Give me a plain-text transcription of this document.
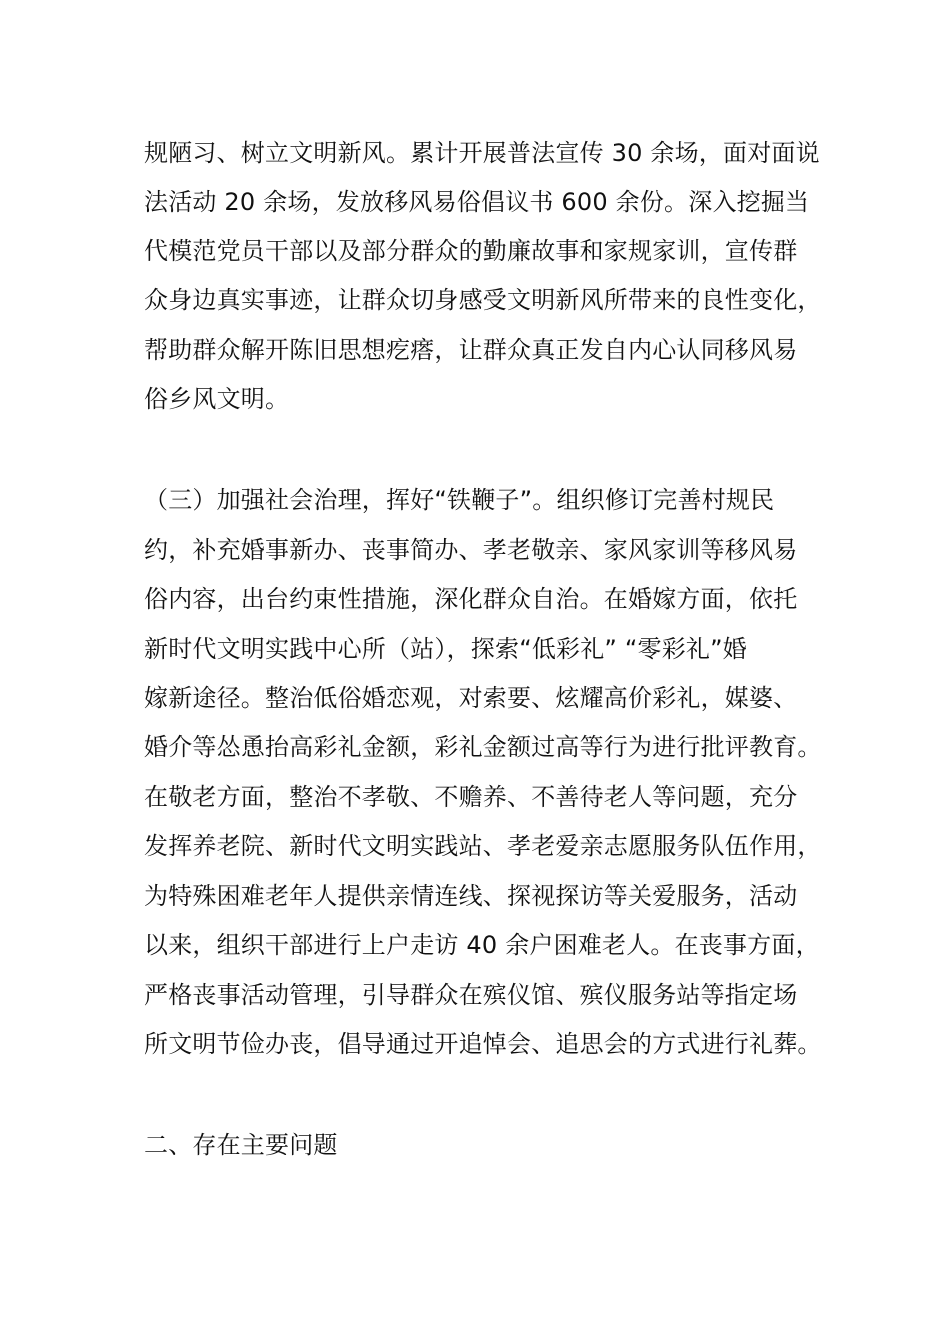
规陋习、树立文明新风。累计开展普法宣传 30 余场，面对面说
法活动 20 余场，发放移风易俗倡议书 600 余份。深入挖掘当
代模范党员干部以及部分群众的勤廉故事和家规家训，宣传群
众身边真实事迹，让群众切身感受文明新风所带来的良性变化，
帮助群众解开陈旧思想疙瘩，让群众真正发自内心认同移风易
俗乡风文明。
（三）加强社会治理，挥好“铁鞭子”。组织修订完善村规民
约，补充婚事新办、丧事简办、孝老敬亲、家风家训等移风易
俗内容，出台约束性措施，深化群众自治。在婚嫁方面，依托
新时代文明实践中心所（站），探索“低彩礼” “零彩礼”婚
嫁新途径。整治低俗婚恋观，对索要、炫耀高价彩礼，媒婆、
婚介等怂恿抬高彩礼金额，彩礼金额过高等行为进行批评教育。
在敬老方面，整治不孝敬、不赡养、不善待老人等问题，充分
发挥养老院、新时代文明实践站、孝老爱亲志愿服务队伍作用，
为特殊困难老年人提供亲情连线、探视探访等关爱服务，活动
以来，组织干部进行上户走访 40 余户困难老人。在丧事方面，
严格丧事活动管理，引导群众在殡仪馆、殡仪服务站等指定场
所文明节俭办丧，倡导通过开追悼会、追思会的方式进行礼葬。
二、存在主要问题
